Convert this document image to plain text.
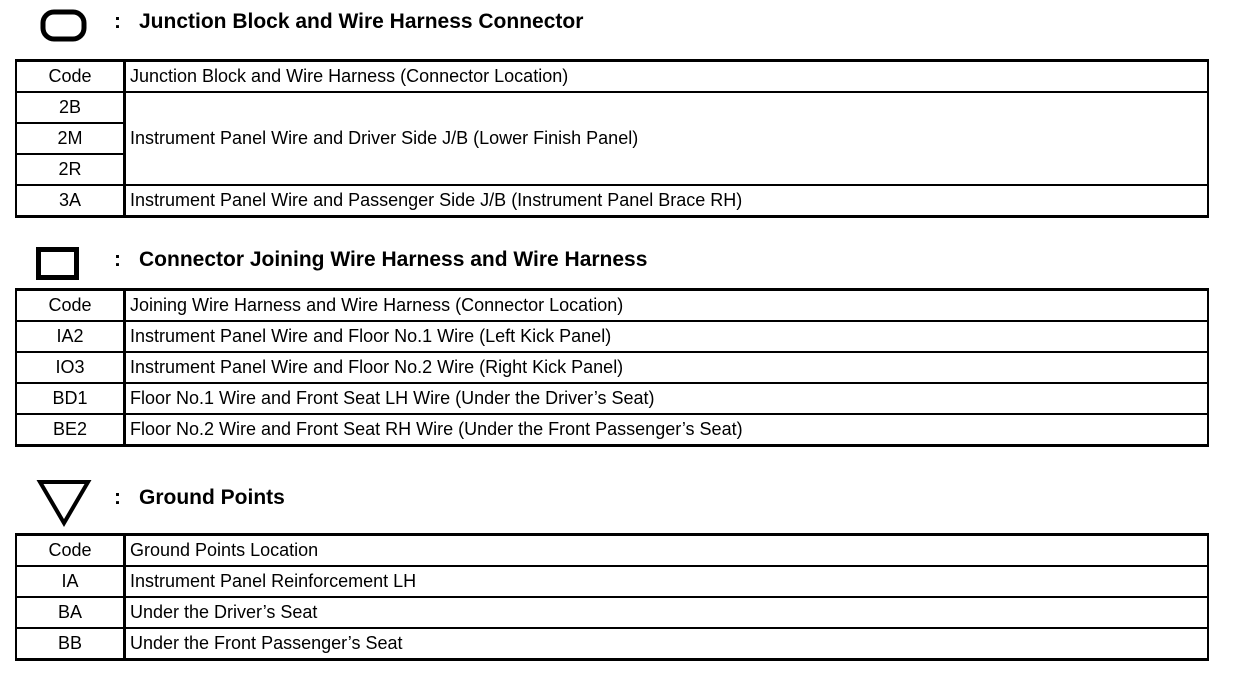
: Junction Block and Wire Harness Connector
Code	Junction Block and Wire Harness (Connector Location)
2B	Instrument Panel Wire and Driver Side J/B (Lower Finish Panel)
2M	
2R	
3A	Instrument Panel Wire and Passenger Side J/B (Instrument Panel Brace RH)
: Connector Joining Wire Harness and Wire Harness
Code	Joining Wire Harness and Wire Harness (Connector Location)
IA2	Instrument Panel Wire and Floor No.1 Wire (Left Kick Panel)
IO3	Instrument Panel Wire and Floor No.2 Wire (Right Kick Panel)
BD1	Floor No.1 Wire and Front Seat LH Wire (Under the Driver’s Seat)
BE2	Floor No.2 Wire and Front Seat RH Wire (Under the Front Passenger’s Seat)
: Ground Points
Code	Ground Points Location
IA	Instrument Panel Reinforcement LH
BA	Under the Driver’s Seat
BB	Under the Front Passenger’s Seat
